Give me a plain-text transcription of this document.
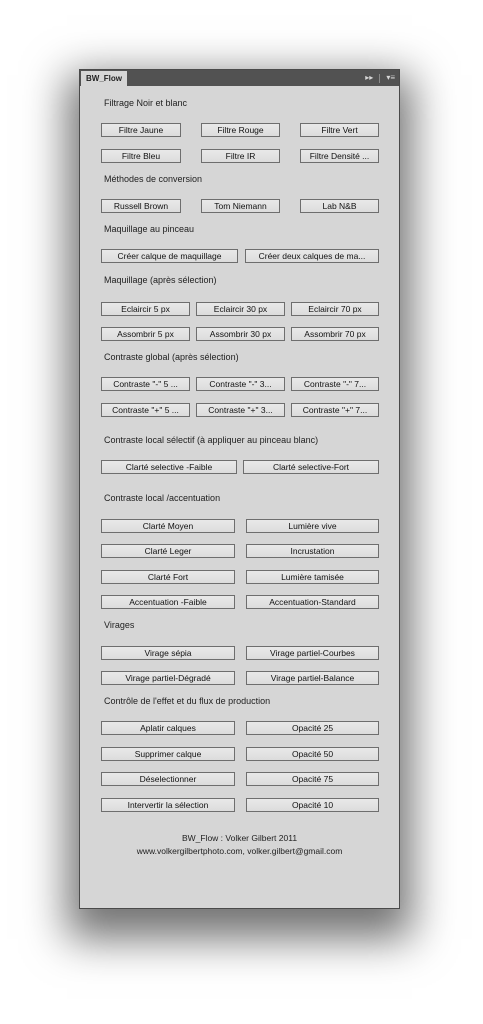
BW_Flow	▸▸ ▾≡
Filtrage Noir et blanc
Filtre Jaune	Filtre Rouge	Filtre Vert
Filtre Bleu	Filtre IR	Filtre Densité ...
Méthodes de conversion
Russell Brown	Tom Niemann	Lab N&B
Maquillage au pinceau
Créer calque de maquillage	Créer deux calques de ma...
Maquillage (après sélection)
Eclaircir 5 px	Eclaircir 30 px	Eclaircir 70 px
Assombrir 5 px	Assombrir 30 px	Assombrir 70 px
Contraste global (après sélection)
Contraste "-" 5 ...	Contraste "-" 3...	Contraste "-" 7...
Contraste "+" 5 ...	Contraste "+" 3...	Contraste "+" 7...
Contraste local sélectif (à appliquer au pinceau blanc)
Clarté selective -Faible	Clarté selective-Fort
Contraste local /accentuation
Clarté Moyen	Lumière vive
Clarté Leger	Incrustation
Clarté Fort	Lumière tamisée
Accentuation -Faible	Accentuation-Standard
Virages
Virage sépia	Virage partiel-Courbes
Virage partiel-Dégradé	Virage partiel-Balance
Contrôle de l'effet et du flux de production
Aplatir calques	Opacité 25
Supprimer calque	Opacité 50
Déselectionner	Opacité 75
Intervertir la sélection	Opacité 10
BW_Flow : Volker Gilbert 2011
www.volkergilbertphoto.com, volker.gilbert@gmail.com
